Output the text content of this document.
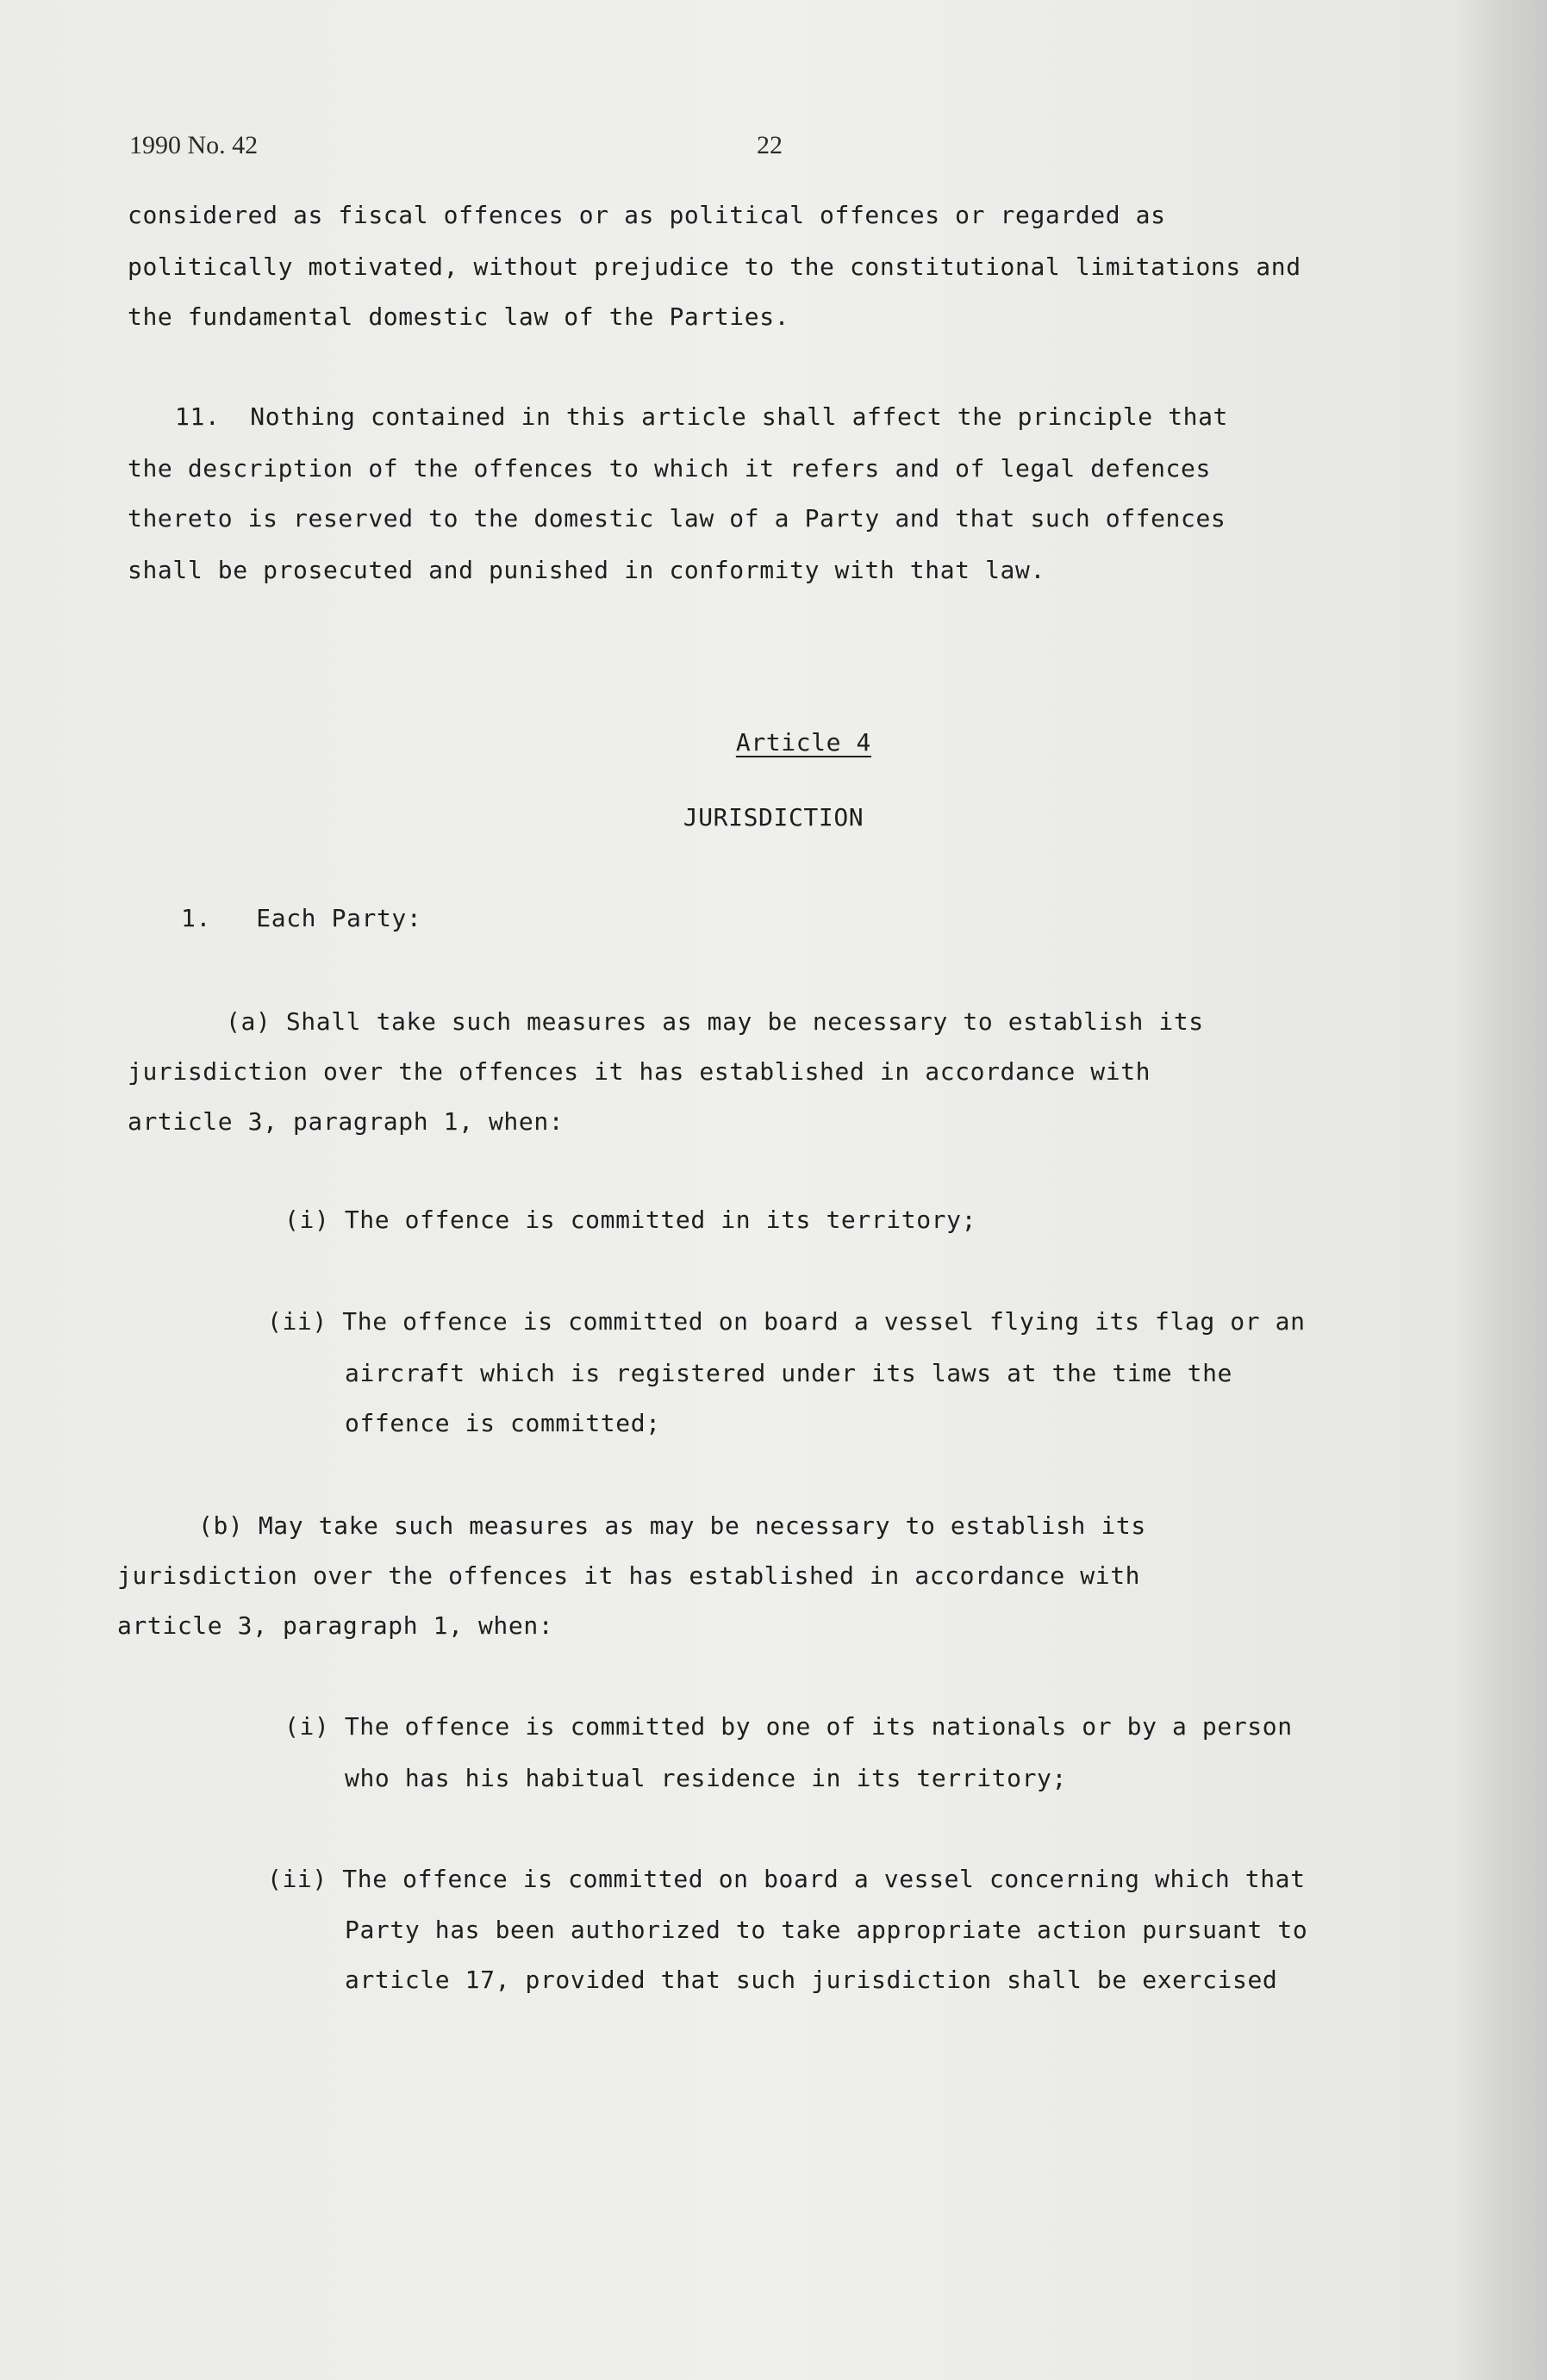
1990 No. 42	22
considered as fiscal offences or as political offences or regarded as
politically motivated, without prejudice to the constitutional limitations and
the fundamental domestic law of the Parties.
11.  Nothing contained in this article shall affect the principle that
the description of the offences to which it refers and of legal defences
thereto is reserved to the domestic law of a Party and that such offences
shall be prosecuted and punished in conformity with that law.

Article 4

JURISDICTION
1.   Each Party:
(a) Shall take such measures as may be necessary to establish its
jurisdiction over the offences it has established in accordance with
article 3, paragraph 1, when:
(i) The offence is committed in its territory;
(ii) The offence is committed on board a vessel flying its flag or an
aircraft which is registered under its laws at the time the
offence is committed;
(b) May take such measures as may be necessary to establish its
jurisdiction over the offences it has established in accordance with
article 3, paragraph 1, when:
(i) The offence is committed by one of its nationals or by a person
who has his habitual residence in its territory;
(ii) The offence is committed on board a vessel concerning which that
Party has been authorized to take appropriate action pursuant to
article 17, provided that such jurisdiction shall be exercised
